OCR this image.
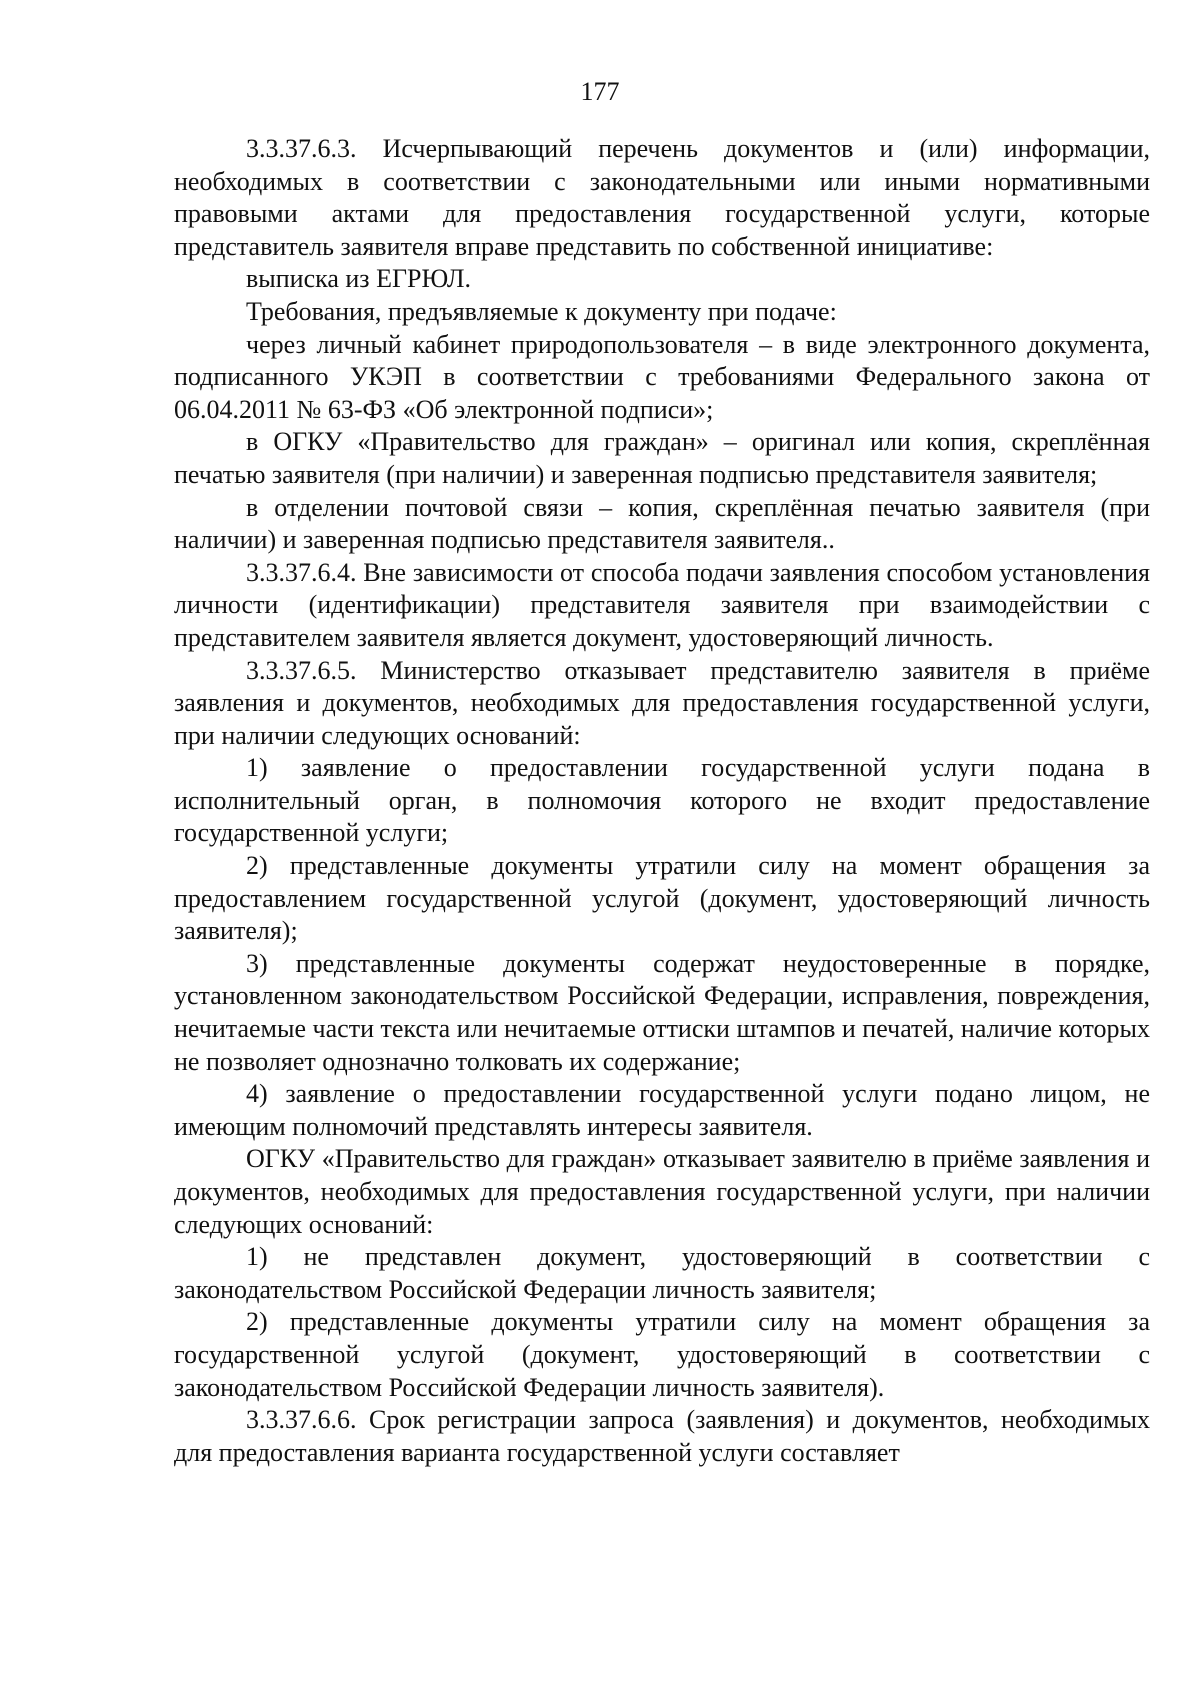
177

3.3.37.6.3. Исчерпывающий перечень документов и (или) информации, необходимых в соответствии с законодательными или иными нормативными правовыми актами для предоставления государственной услуги, которые представитель заявителя вправе представить по собственной инициативе:

выписка из ЕГРЮЛ.

Требования, предъявляемые к документу при подаче:

через личный кабинет природопользователя – в виде электронного документа, подписанного УКЭП в соответствии с требованиями Федерального закона от 06.04.2011 № 63-ФЗ «Об электронной подписи»;

в ОГКУ «Правительство для граждан» – оригинал или копия, скреплённая печатью заявителя (при наличии) и заверенная подписью представителя заявителя;

в отделении почтовой связи – копия, скреплённая печатью заявителя (при наличии) и заверенная подписью представителя заявителя..

3.3.37.6.4. Вне зависимости от способа подачи заявления способом установления личности (идентификации) представителя заявителя при взаимодействии с представителем заявителя является документ, удостоверяющий личность.

3.3.37.6.5. Министерство отказывает представителю заявителя в приёме заявления и документов, необходимых для предоставления государственной услуги, при наличии следующих оснований:

1) заявление о предоставлении государственной услуги подана в исполнительный орган, в полномочия которого не входит предоставление государственной услуги;

2) представленные документы утратили силу на момент обращения за предоставлением государственной услугой (документ, удостоверяющий личность заявителя);

3) представленные документы содержат неудостоверенные в порядке, установленном законодательством Российской Федерации, исправления, повреждения, нечитаемые части текста или нечитаемые оттиски штампов и печатей, наличие которых не позволяет однозначно толковать их содержание;

4) заявление о предоставлении государственной услуги подано лицом, не имеющим полномочий представлять интересы заявителя.

ОГКУ «Правительство для граждан» отказывает заявителю в приёме заявления и документов, необходимых для предоставления государственной услуги, при наличии следующих оснований:

1) не представлен документ, удостоверяющий в соответствии с законодательством Российской Федерации личность заявителя;

2) представленные документы утратили силу на момент обращения за государственной услугой (документ, удостоверяющий в соответствии с законодательством Российской Федерации личность заявителя).

3.3.37.6.6. Срок регистрации запроса (заявления) и документов, необходимых для предоставления варианта государственной услуги составляет
